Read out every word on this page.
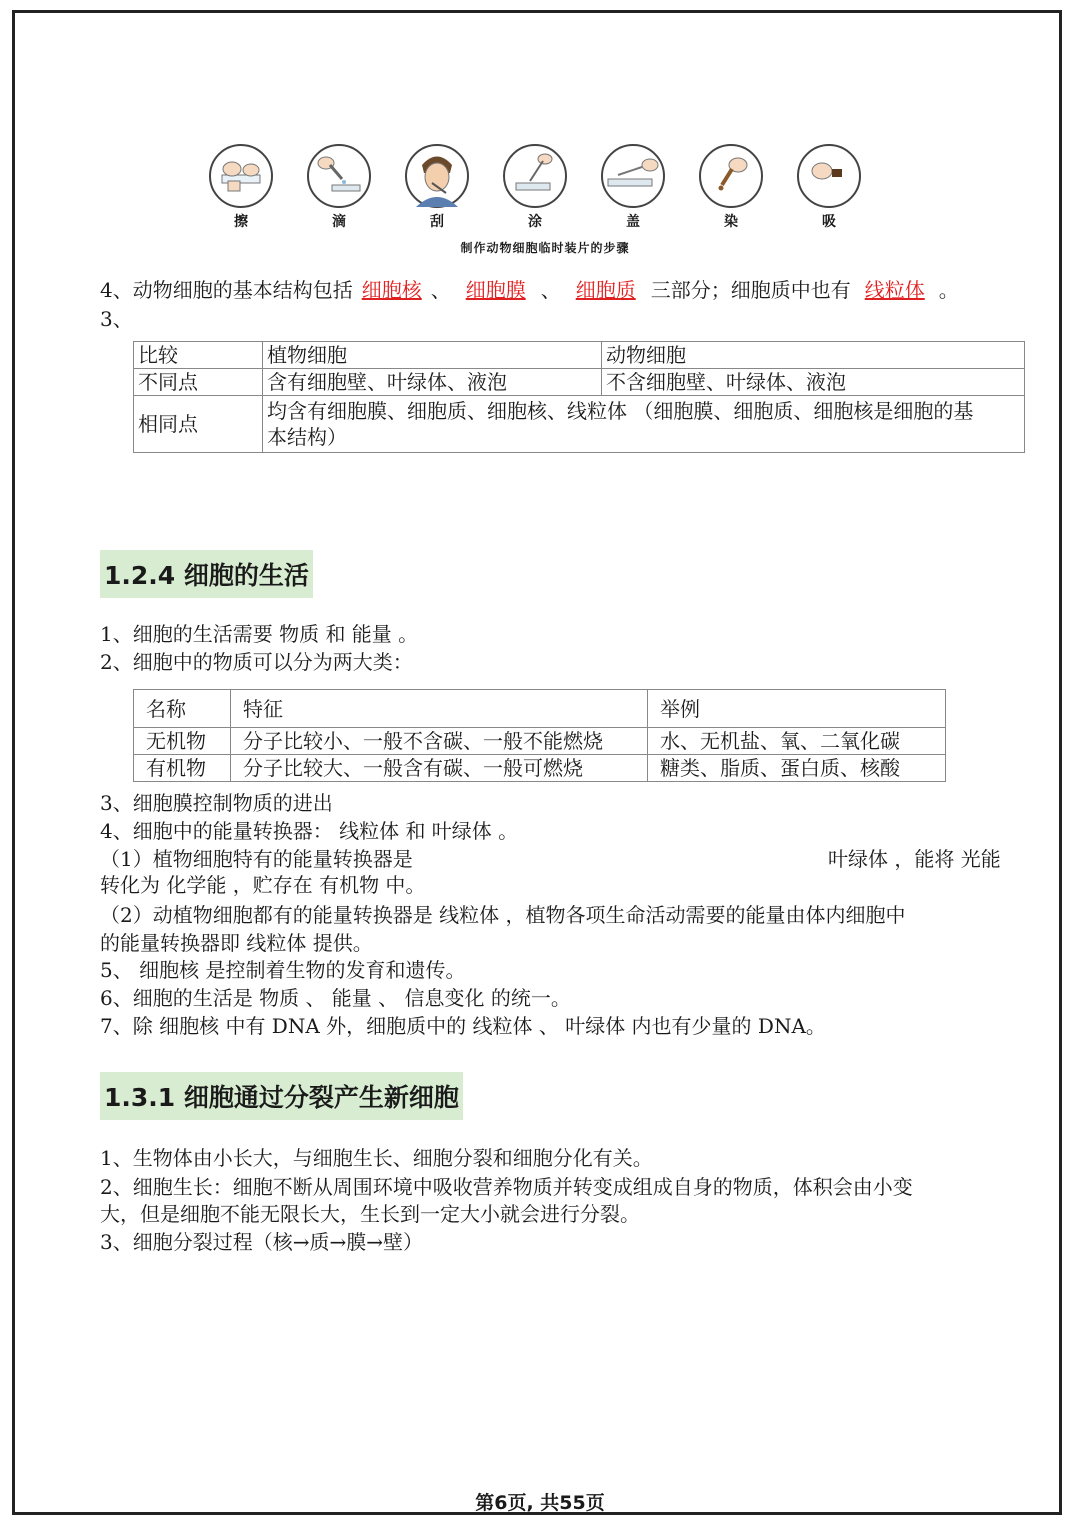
擦	滴	刮	涂	盖	染	吸
制作动物细胞临时装片的步骤
4、动物细胞的基本结构包括 细胞核 、 细胞膜 、 细胞质 三部分；细胞质中也有 线粒体 。
3、
比较	植物细胞	动物细胞
不同点	含有细胞壁、叶绿体、液泡	不含细胞壁、叶绿体、液泡
相同点	均含有细胞膜、细胞质、细胞核、线粒体 （细胞膜、细胞质、细胞核是细胞的基
本结构）	
1.2.4 细胞的生活
1、细胞的生活需要 物质 和 能量 。
2、细胞中的物质可以分为两大类：
名称	特征	举例
无机物	分子比较小、一般不含碳、一般不能燃烧	水、无机盐、氧、二氧化碳
有机物	分子比较大、一般含有碳、一般可燃烧	糖类、脂质、蛋白质、核酸
3、细胞膜控制物质的进出
4、细胞中的能量转换器： 线粒体 和 叶绿体 。
（1）植物细胞特有的能量转换器是	叶绿体 ，能将 光能
转化为 化学能 ，贮存在 有机物 中。
（2）动植物细胞都有的能量转换器是 线粒体 ，植物各项生命活动需要的能量由体内细胞中
的能量转换器即 线粒体 提供。
5、 细胞核 是控制着生物的发育和遗传。
6、细胞的生活是 物质 、 能量 、 信息变化 的统一。
7、除 细胞核 中有 DNA 外，细胞质中的 线粒体 、 叶绿体 内也有少量的 DNA。
1.3.1 细胞通过分裂产生新细胞
1、生物体由小长大，与细胞生长、细胞分裂和细胞分化有关。
2、细胞生长：细胞不断从周围环境中吸收营养物质并转变成组成自身的物质，体积会由小变
大，但是细胞不能无限长大，生长到一定大小就会进行分裂。
3、细胞分裂过程（核→质→膜→壁）
第6页, 共55页
